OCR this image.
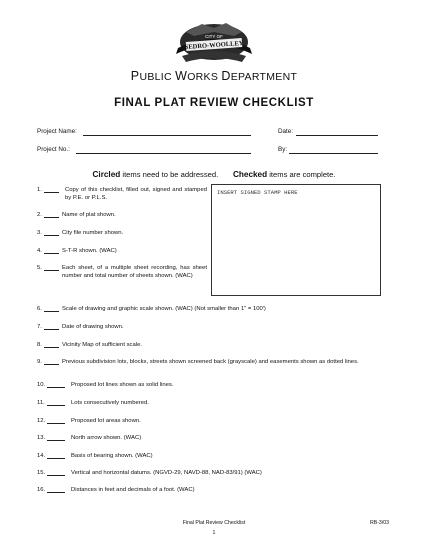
CITY OF
SEDRO-WOOLLEY
PUBLIC WORKS DEPARTMENT
FINAL PLAT REVIEW CHECKLIST
Project Name:	Date:
Project No.:	By:
Circled items need to be addressed. Checked items are complete.
INSERT SIGNED STAMP HERE
1.	Copy of this checklist, filled out, signed and stamped by P.E. or P.L.S.
2.	Name of plat shown.
3.	City file number shown.
4.	S-T-R shown. (WAC)
5.	Each sheet, of a multiple sheet recording, has sheet number and total number of sheets shown. (WAC)
6.	Scale of drawing and graphic scale shown. (WAC) (Not smaller than 1" = 100')
7.	Date of drawing shown.
8.	Vicinity Map of sufficient scale.
9.	Previous subdivision lots, blocks, streets shown screened back (grayscale) and easements shown as dotted lines.
10.	Proposed lot lines shown as solid lines.
11.	Lots consecutively numbered.
12.	Proposed lot areas shown.
13.	North arrow shown. (WAC)
14.	Basis of bearing shown. (WAC)
15.	Vertical and horizontal datums. (NGVD-29, NAVD-88, NAD-83/91) (WAC)
16.	Distances in feet and decimals of a foot. (WAC)
Final Plat Review Checklist	RB-3/03
1
